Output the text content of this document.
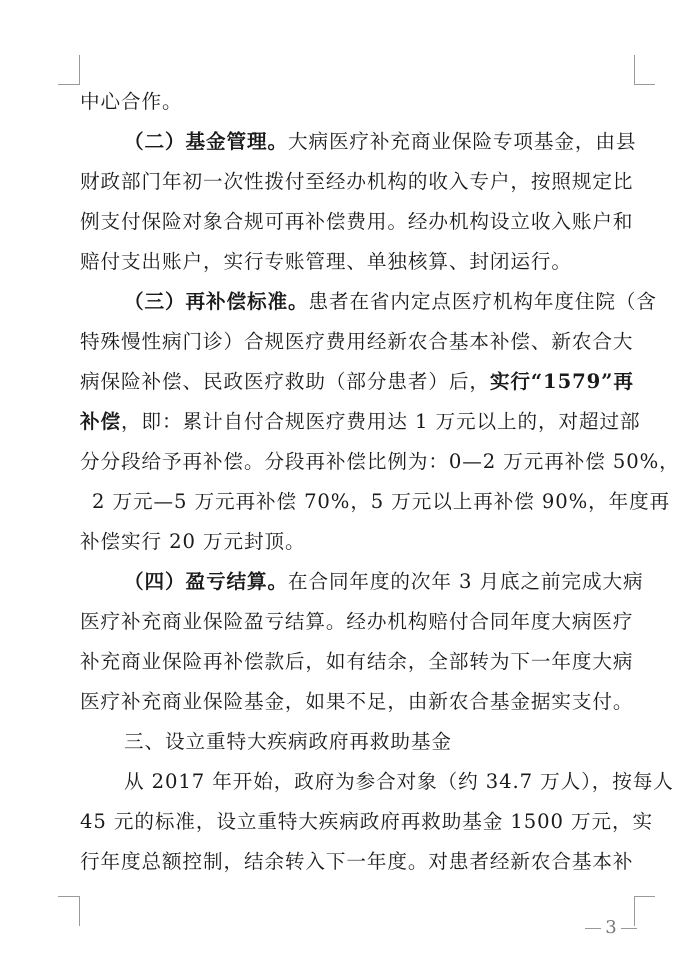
中心合作。

（二）基金管理。大病医疗补充商业保险专项基金，由县

财政部门年初一次性拨付至经办机构的收入专户，按照规定比

例支付保险对象合规可再补偿费用。经办机构设立收入账户和

赔付支出账户，实行专账管理、单独核算、封闭运行。

（三）再补偿标准。患者在省内定点医疗机构年度住院（含

特殊慢性病门诊）合规医疗费用经新农合基本补偿、新农合大

病保险补偿、民政医疗救助（部分患者）后，实行“1579”再

补偿，即：累计自付合规医疗费用达 1 万元以上的，对超过部

分分段给予再补偿。分段再补偿比例为：0—2 万元再补偿 50%，

2 万元—5 万元再补偿 70%，5 万元以上再补偿 90%，年度再

补偿实行 20 万元封顶。

（四）盈亏结算。在合同年度的次年 3 月底之前完成大病

医疗补充商业保险盈亏结算。经办机构赔付合同年度大病医疗

补充商业保险再补偿款后，如有结余，全部转为下一年度大病

医疗补充商业保险基金，如果不足，由新农合基金据实支付。

三、设立重特大疾病政府再救助基金

从 2017 年开始，政府为参合对象（约 34.7 万人），按每人

45 元的标准，设立重特大疾病政府再救助基金 1500 万元，实

行年度总额控制，结余转入下一年度。对患者经新农合基本补

3
